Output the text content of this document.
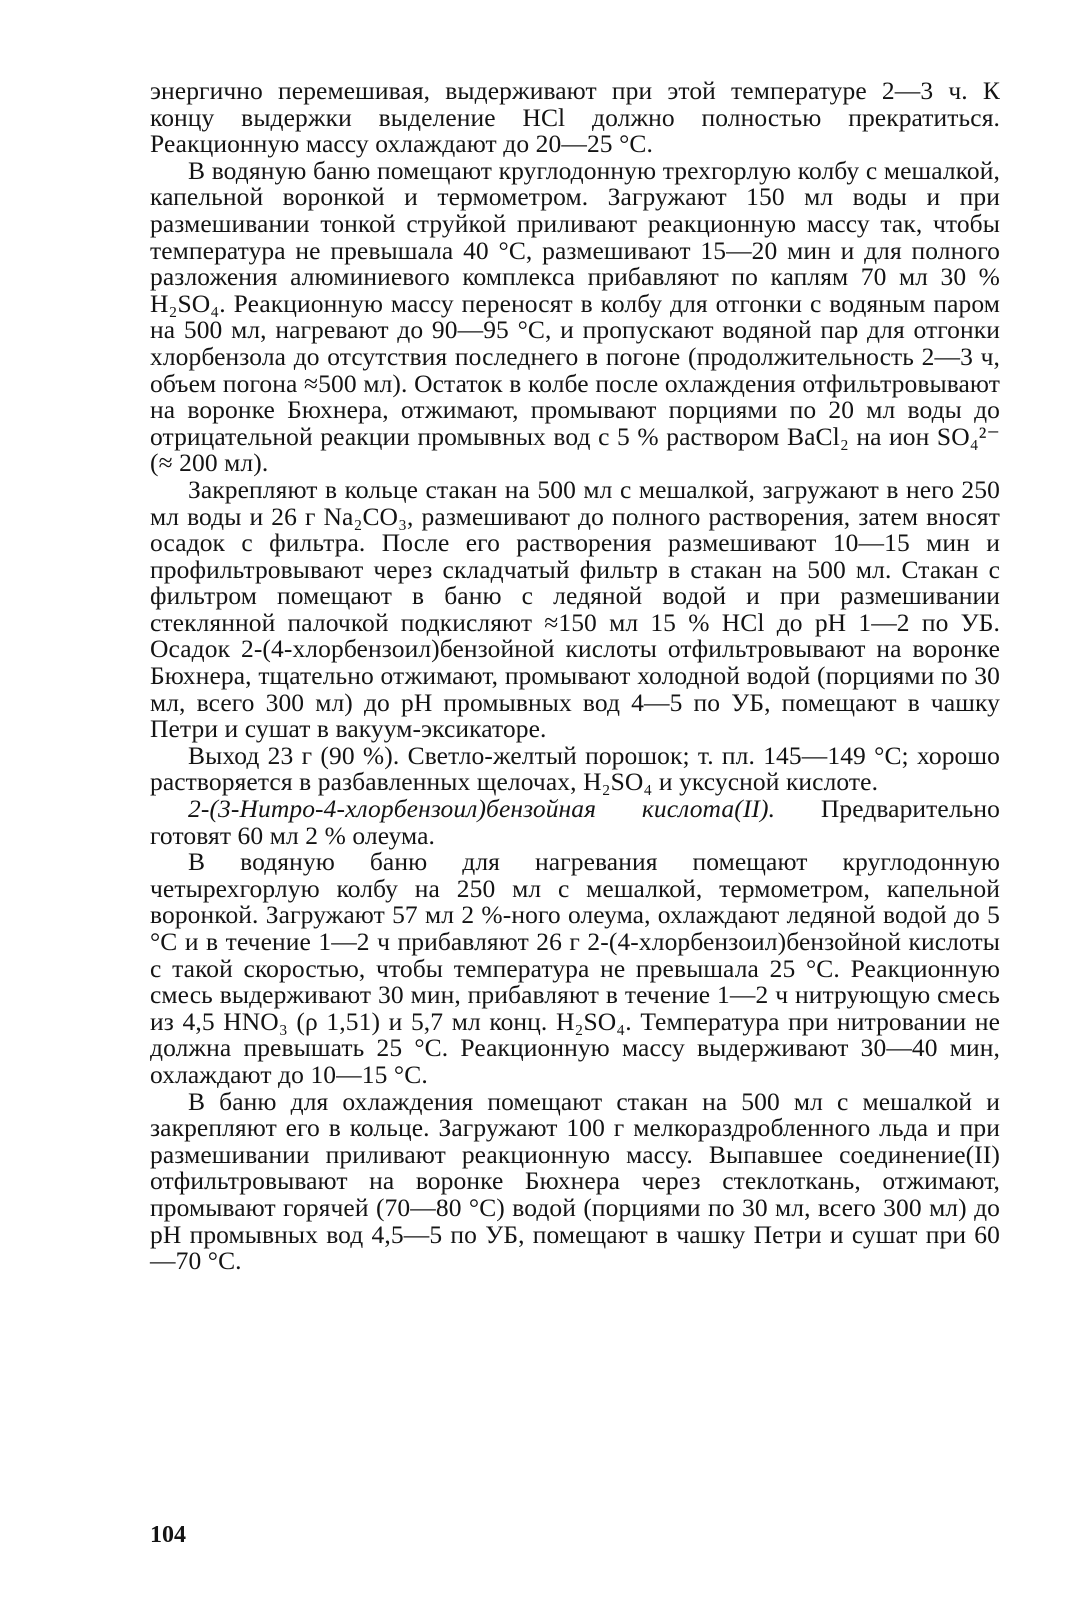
энергично перемешивая, выдерживают при этой температуре 2—3 ч. К концу выдержки выделение HCl должно полностью прекратиться. Реакционную массу охлаждают до 20—25 °C.

В водяную баню помещают круглодонную трехгорлую колбу с мешалкой, капельной воронкой и термометром. Загружают 150 мл воды и при размешивании тонкой струйкой приливают реакционную массу так, чтобы температура не превышала 40 °C, размешивают 15—20 мин и для полного разложения алюминиевого комплекса прибавляют по каплям 70 мл 30 % H₂SO₄. Реакционную массу переносят в колбу для отгонки с водяным паром на 500 мл, нагревают до 90—95 °C, и пропускают водяной пар для отгонки хлорбензола до отсутствия последнего в погоне (продолжительность 2—3 ч, объем погона ≈500 мл). Остаток в колбе после охлаждения отфильтровывают на воронке Бюхнера, отжимают, промывают порциями по 20 мл воды до отрицательной реакции промывных вод с 5 % раствором BaCl₂ на ион SO₄²⁻ (≈ 200 мл).

Закрепляют в кольце стакан на 500 мл с мешалкой, загружают в него 250 мл воды и 26 г Na₂CO₃, размешивают до полного растворения, затем вносят осадок с фильтра. После его растворения размешивают 10—15 мин и профильтровывают через складчатый фильтр в стакан на 500 мл. Стакан с фильтром помещают в баню с ледяной водой и при размешивании стеклянной палочкой подкисляют ≈150 мл 15 % HCl до pH 1—2 по УБ. Осадок 2-(4-хлорбензоил)бензойной кислоты отфильтровывают на воронке Бюхнера, тщательно отжимают, промывают холодной водой (порциями по 30 мл, всего 300 мл) до pH промывных вод 4—5 по УБ, помещают в чашку Петри и сушат в вакуум-эксикаторе.

Выход 23 г (90 %). Светло-желтый порошок; т. пл. 145—149 °C; хорошо растворяется в разбавленных щелочах, H₂SO₄ и уксусной кислоте.

2-(3-Нитро-4-хлорбензоил)бензойная кислота(II). Предварительно готовят 60 мл 2 % олеума.

В водяную баню для нагревания помещают круглодонную четырехгорлую колбу на 250 мл с мешалкой, термометром, капельной воронкой. Загружают 57 мл 2 %-ного олеума, охлаждают ледяной водой до 5 °C и в течение 1—2 ч прибавляют 26 г 2-(4-хлорбензоил)бензойной кислоты с такой скоростью, чтобы температура не превышала 25 °C. Реакционную смесь выдерживают 30 мин, прибавляют в течение 1—2 ч нитрующую смесь из 4,5 HNO₃ (ρ 1,51) и 5,7 мл конц. H₂SO₄. Температура при нитровании не должна превышать 25 °C. Реакционную массу выдерживают 30—40 мин, охлаждают до 10—15 °C.

В баню для охлаждения помещают стакан на 500 мл с мешалкой и закрепляют его в кольце. Загружают 100 г мелкораздробленного льда и при размешивании приливают реакционную массу. Выпавшее соединение(II) отфильтровывают на воронке Бюхнера через стеклоткань, отжимают, промывают горячей (70—80 °C) водой (порциями по 30 мл, всего 300 мл) до pH промывных вод 4,5—5 по УБ, помещают в чашку Петри и сушат при 60—70 °C.

104
